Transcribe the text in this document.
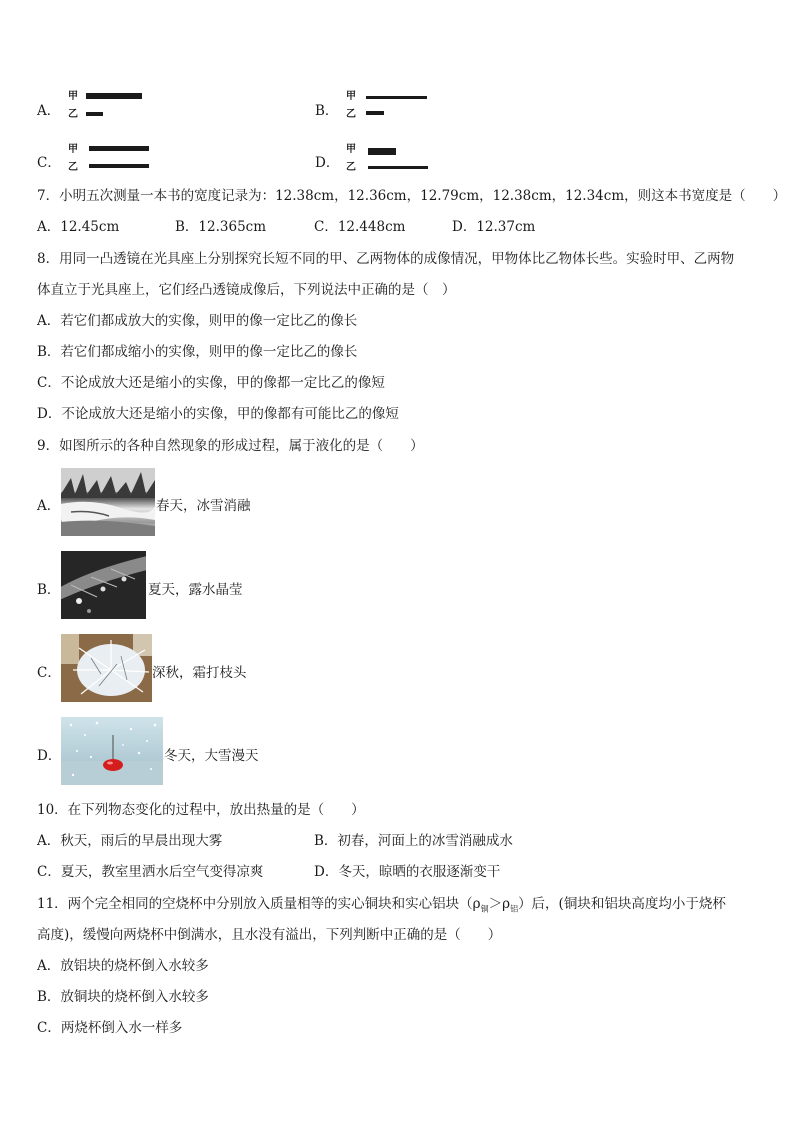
A．
甲
乙	B．
甲
乙
C．
甲
乙	D．
甲
乙
7．小明五次测量一本书的宽度记录为：12.38cm，12.36cm，12.79cm，12.38cm，12.34cm，则这本书宽度是（　　）
A．12.45cm	B．12.365cm	C．12.448cm	D．12.37cm
8．用同一凸透镜在光具座上分别探究长短不同的甲、乙两物体的成像情况，甲物体比乙物体长些。实验时甲、乙两物
体直立于光具座上，它们经凸透镜成像后，下列说法中正确的是（　）
A．若它们都成放大的实像，则甲的像一定比乙的像长
B．若它们都成缩小的实像，则甲的像一定比乙的像长
C．不论成放大还是缩小的实像，甲的像都一定比乙的像短
D．不论成放大还是缩小的实像，甲的像都有可能比乙的像短
9．如图所示的各种自然现象的形成过程，属于液化的是（　　）
A．	春天，冰雪消融
B．	夏天，露水晶莹
C．	深秋，霜打枝头
D．	冬天，大雪漫天
10．在下列物态变化的过程中，放出热量的是（　　）
A．秋天，雨后的早晨出现大雾	B．初春，河面上的冰雪消融成水
C．夏天，教室里洒水后空气变得凉爽	D．冬天，晾晒的衣服逐渐变干
11．两个完全相同的空烧杯中分别放入质量相等的实心铜块和实心铝块$(\rho_铜>\rho_铝)$后，(铜块和铝块高度均小于烧杯
高度)，缓慢向两烧杯中倒满水，且水没有溢出，下列判断中正确的是（　　）
A．放铝块的烧杯倒入水较多
B．放铜块的烧杯倒入水较多
C．两烧杯倒入水一样多
